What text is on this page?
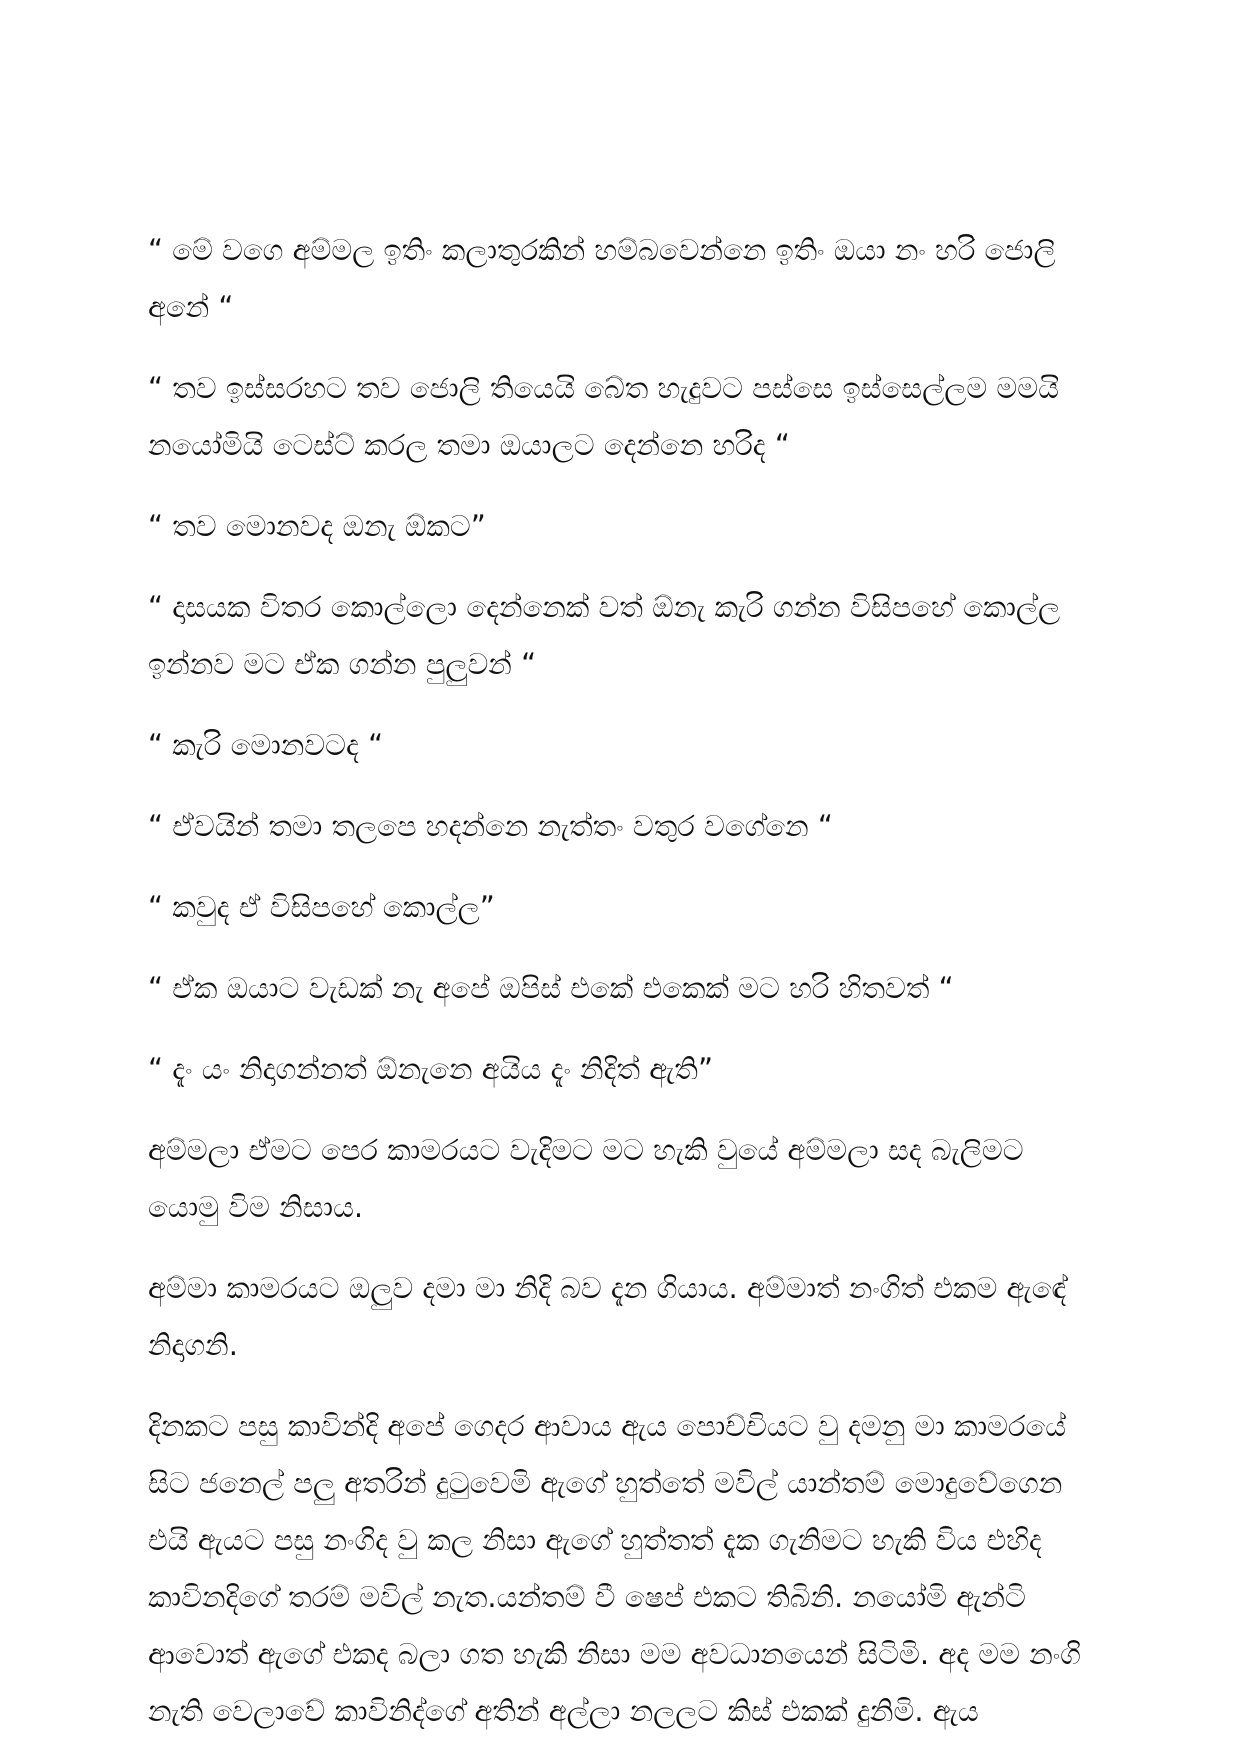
“ මේ වගෙ අම්මල ඉතිං කලාතුරකින් හම්බවෙන්නෙ ඉතිං ඔයා නං හරි ජොලි අනේ “

“ තව ඉස්සරහට තව ජොලි තියෙයි බේත හැදුවට පස්සෙ ඉස්සෙල්ලම මමයි නයෝමියි ටෙස්ට් කරල තමා ඔයාලට දෙන්නෙ හරිද “

“ තව මොනවද ඔනැ ඕකට”

“ දාසයක විතර කොල්ලො දෙන්නෙක් වත් ඕනැ කැරි ගන්න විසිපහේ කොල්ල ඉන්නව මට ඒක ගන්න පුලුවන් “

“ කැරි මොනවටද “

“ ඒවයින් තමා තලපෙ හදන්නෙ නැත්තං වතුර වගේනෙ “

“ කවුද ඒ විසිපහේ කොල්ල”

“ ඒක ඔයාට වැඩක් නැ අපේ ඔපිස් එකේ එකෙක් මට හරි හිතවත් “

“ දැං යං නිදාගන්නත් ඕනැනෙ අයිය දැං නිදිත් ඇති”

අම්මලා ඒමට පෙර කාමරයට වැදිමට මට හැකි වුයේ අම්මලා සද බැලිමට යොමු විම නිසාය.

අම්මා කාමරයට ඔලුව දමා මා නිදි බව දැන ගියාය. අම්මාත් නංගිත් එකම ඇඳේ නිදාගනි.

දිනකට පසු කාවින්දි අපේ ගෙදර ආවාය ඇය පොච්චියට වු දමනු මා කාමරයේ සිට ජනෙල් පලු අතරින් දුටුවෙමි ඇගේ හුත්තේ මවිල් යාන්තම් මොදුවේගෙන එයි ඇයට පසු නංගිද වු කල නිසා ඇගේ හුත්තත් දැක ගැනිමට හැකි විය එහිද කාවිනදිගේ තරම් මවිල් නැත.යන්තම් වී ෂෙප් එකට තිබිනි. නයෝමි ඇන්ටි ආවොත් ඇගේ එකද බලා ගත හැකි නිසා මම අවධානයෙන් සිටිමි. අද මම නංගි නැති වෙලාවේ කාවිනිද්ගේ අතින් අල්ලා නලලට කිස් එකක් දුනිමි. ඇය
